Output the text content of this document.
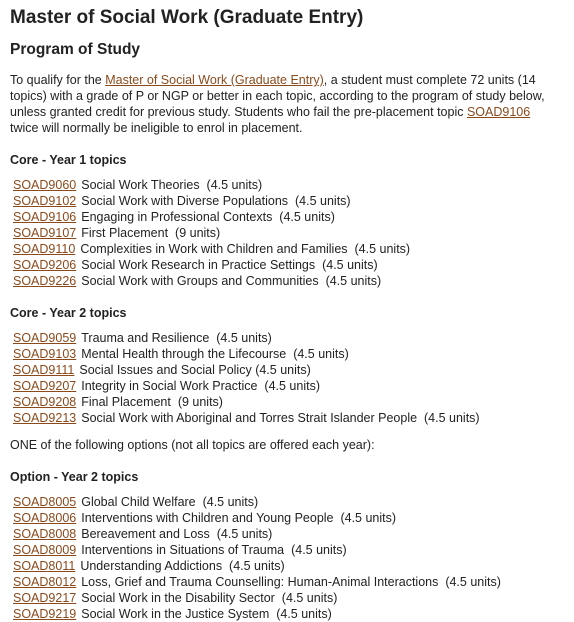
Master of Social Work (Graduate Entry)
Program of Study

To qualify for the Master of Social Work (Graduate Entry), a student must complete 72 units (14 topics) with a grade of P or NGP or better in each topic, according to the program of study below, unless granted credit for previous study. Students who fail the pre-placement topic SOAD9106 twice will normally be ineligible to enrol in placement.

Core - Year 1 topics
SOAD9060 Social Work Theories (4.5 units)
SOAD9102 Social Work with Diverse Populations (4.5 units)
SOAD9106 Engaging in Professional Contexts (4.5 units)
SOAD9107 First Placement (9 units)
SOAD9110 Complexities in Work with Children and Families (4.5 units)
SOAD9206 Social Work Research in Practice Settings (4.5 units)
SOAD9226 Social Work with Groups and Communities (4.5 units)
Core - Year 2 topics
SOAD9059 Trauma and Resilience (4.5 units)
SOAD9103 Mental Health through the Lifecourse (4.5 units)
SOAD9111 Social Issues and Social Policy (4.5 units)
SOAD9207 Integrity in Social Work Practice (4.5 units)
SOAD9208 Final Placement (9 units)
SOAD9213 Social Work with Aboriginal and Torres Strait Islander People (4.5 units)

ONE of the following options (not all topics are offered each year):

Option - Year 2 topics
SOAD8005 Global Child Welfare (4.5 units)
SOAD8006 Interventions with Children and Young People (4.5 units)
SOAD8008 Bereavement and Loss (4.5 units)
SOAD8009 Interventions in Situations of Trauma (4.5 units)
SOAD8011 Understanding Addictions (4.5 units)
SOAD8012 Loss, Grief and Trauma Counselling: Human-Animal Interactions (4.5 units)
SOAD9217 Social Work in the Disability Sector (4.5 units)
SOAD9219 Social Work in the Justice System (4.5 units)
